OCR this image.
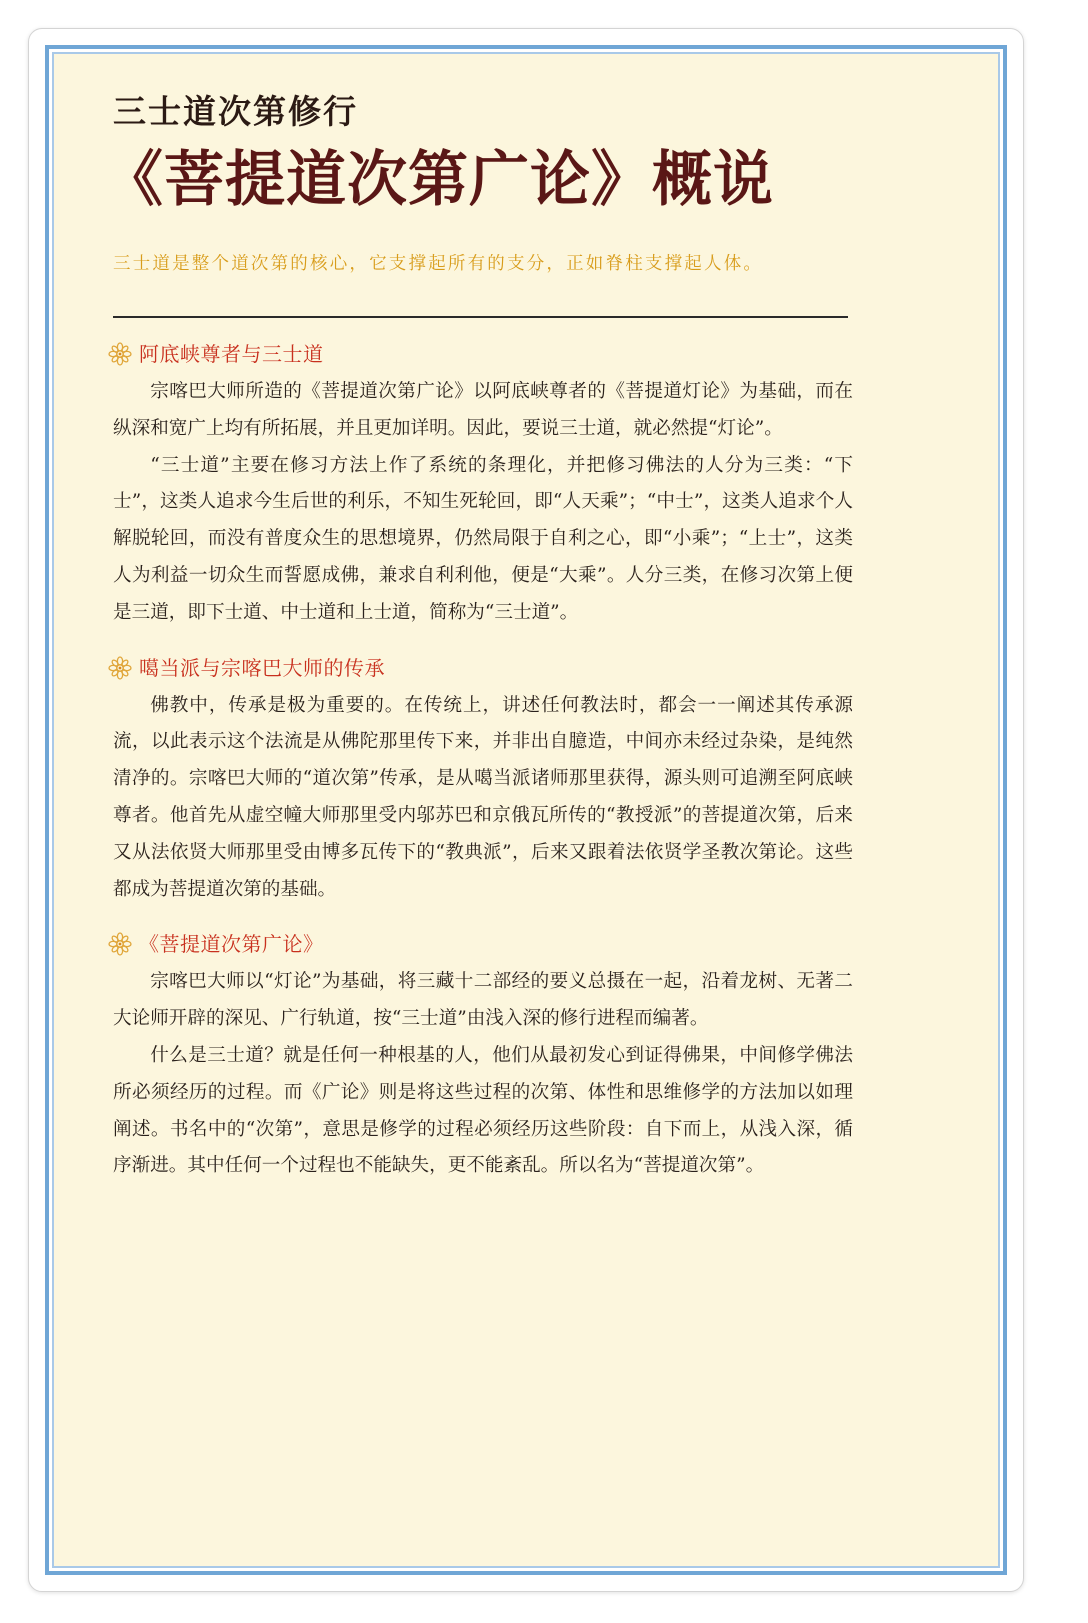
三士道次第修行
《菩提道次第广论》概说

三士道是整个道次第的核心，它支撑起所有的支分，正如脊柱支撑起人体。

阿底峡尊者与三士道

宗喀巴大师所造的《菩提道次第广论》以阿底峡尊者的《菩提道灯论》为基础，而在纵深和宽广上均有所拓展，并且更加详明。因此，要说三士道，就必然提“灯论”。

“三士道”主要在修习方法上作了系统的条理化，并把修习佛法的人分为三类：“下士”，这类人追求今生后世的利乐，不知生死轮回，即“人天乘”；“中士”，这类人追求个人解脱轮回，而没有普度众生的思想境界，仍然局限于自利之心，即“小乘”；“上士”，这类人为利益一切众生而誓愿成佛，兼求自利利他，便是“大乘”。人分三类，在修习次第上便是三道，即下士道、中士道和上士道，简称为“三士道”。

噶当派与宗喀巴大师的传承

佛教中，传承是极为重要的。在传统上，讲述任何教法时，都会一一阐述其传承源流，以此表示这个法流是从佛陀那里传下来，并非出自臆造，中间亦未经过杂染，是纯然清净的。宗喀巴大师的“道次第”传承，是从噶当派诸师那里获得，源头则可追溯至阿底峡尊者。他首先从虚空幢大师那里受内邬苏巴和京俄瓦所传的“教授派”的菩提道次第，后来又从法依贤大师那里受由博多瓦传下的“教典派”，后来又跟着法依贤学圣教次第论。这些都成为菩提道次第的基础。

《菩提道次第广论》

宗喀巴大师以“灯论”为基础，将三藏十二部经的要义总摄在一起，沿着龙树、无著二大论师开辟的深见、广行轨道，按“三士道”由浅入深的修行进程而编著。

什么是三士道？就是任何一种根基的人，他们从最初发心到证得佛果，中间修学佛法所必须经历的过程。而《广论》则是将这些过程的次第、体性和思维修学的方法加以如理阐述。书名中的“次第”，意思是修学的过程必须经历这些阶段：自下而上，从浅入深，循序渐进。其中任何一个过程也不能缺失，更不能紊乱。所以名为“菩提道次第”。
